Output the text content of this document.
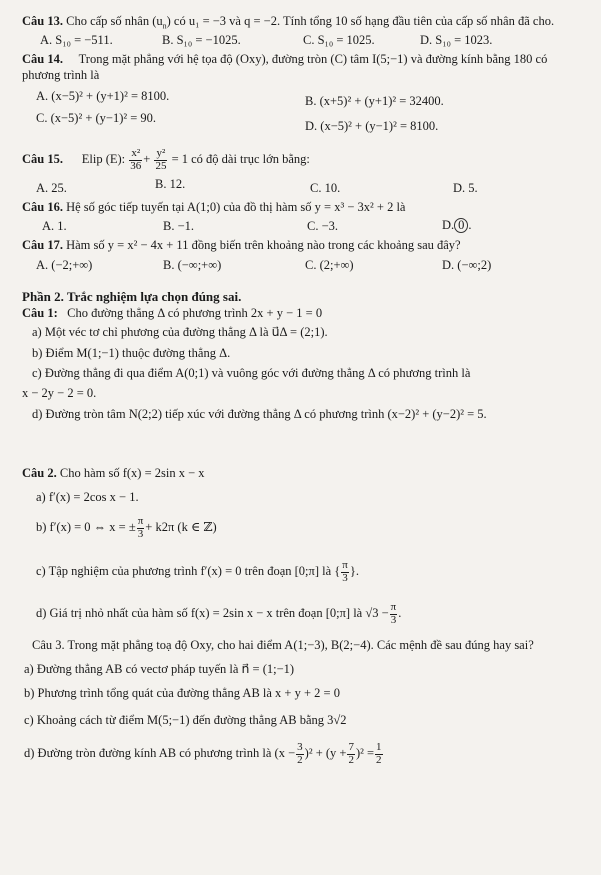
Câu 13. Cho cấp số nhân $(u_n)$ có u₁ = −3 và q = −2. Tính tổng 10 số hạng đầu tiên của cấp số nhân đã cho.
A. S₁₀ = −511.	B. S₁₀ = −1025.	C. S₁₀ = 1025.	D. S₁₀ = 1023.
Câu 14. Trong mặt phẳng với hệ tọa độ (Oxy), đường tròn (C) tâm I(5;−1) và đường kính bằng 180 có
phương trình là
A. (x−5)² + (y+1)² = 8100.	B. (x+5)² + (y+1)² = 32400.
C. (x−5)² + (y−1)² = 90.
D. (x−5)² + (y−1)² = 8100.
Câu 15. Elip (E): $\frac{\text{x²}}{36} + \frac{\text{y²}}{25} = 1$ có độ dài trục lớn bằng:
A. 25.	B. 12.	C. 10.	D. 5.
Câu 16. Hệ số góc tiếp tuyến tại A(1;0) của đồ thị hàm số y = x³ − 3x² + 2 là
A. 1.	B. −1.	C. −3.	D. 0 .
Câu 17. Hàm số y = x² − 4x + 11 đồng biến trên khoảng nào trong các khoảng sau đây?
A. (−2;+∞)	B. (−∞;+∞)	C. (2;+∞)	D. (−∞;2)
Phần 2. Trắc nghiệm lựa chọn đúng sai.
Câu 1: Cho đường thẳng Δ có phương trình 2x + y − 1 = 0
a) Một véc tơ chỉ phương của đường thẳng Δ là u⃗Δ = (2;1).
b) Điểm M(1;−1) thuộc đường thẳng Δ.
c) Đường thẳng đi qua điểm A(0;1) và vuông góc với đường thẳng Δ có phương trình là
x − 2y − 2 = 0.
d) Đường tròn tâm N(2;2) tiếp xúc với đường thẳng Δ có phương trình (x−2)² + (y−2)² = 5.
Câu 2. Cho hàm số f(x) = 2sin x − x
a) f′(x) = 2cos x − 1.
b) f′(x) = 0 ⇔ x = ± $\frac{\pi}{3} + k2\pi$ (k ∈ ℤ)
c) Tập nghiệm của phương trình f′(x) = 0 trên đoạn [0;π] là { $\frac{\pi}{3}$ }.
d) Giá trị nhỏ nhất của hàm số f(x) = 2sin x − x trên đoạn [0;π] là $√3 - \frac{\pi}{3}$ .
Câu 3. Trong mặt phẳng toạ độ Oxy, cho hai điểm A(1;−3), B(2;−4). Các mệnh đề sau đúng hay sai?
a) Đường thẳng AB có vectơ pháp tuyến là n⃗ = (1;−1)
b) Phương trình tổng quát của đường thẳng AB là x + y + 2 = 0
c) Khoảng cách từ điểm M(5;−1) đến đường thẳng AB bằng 3√2
d) Đường tròn đường kính AB có phương trình là $(x - \frac{3}{2} )^2 + (y + \frac{7}{2} )^2 = \frac{1}{2}$
